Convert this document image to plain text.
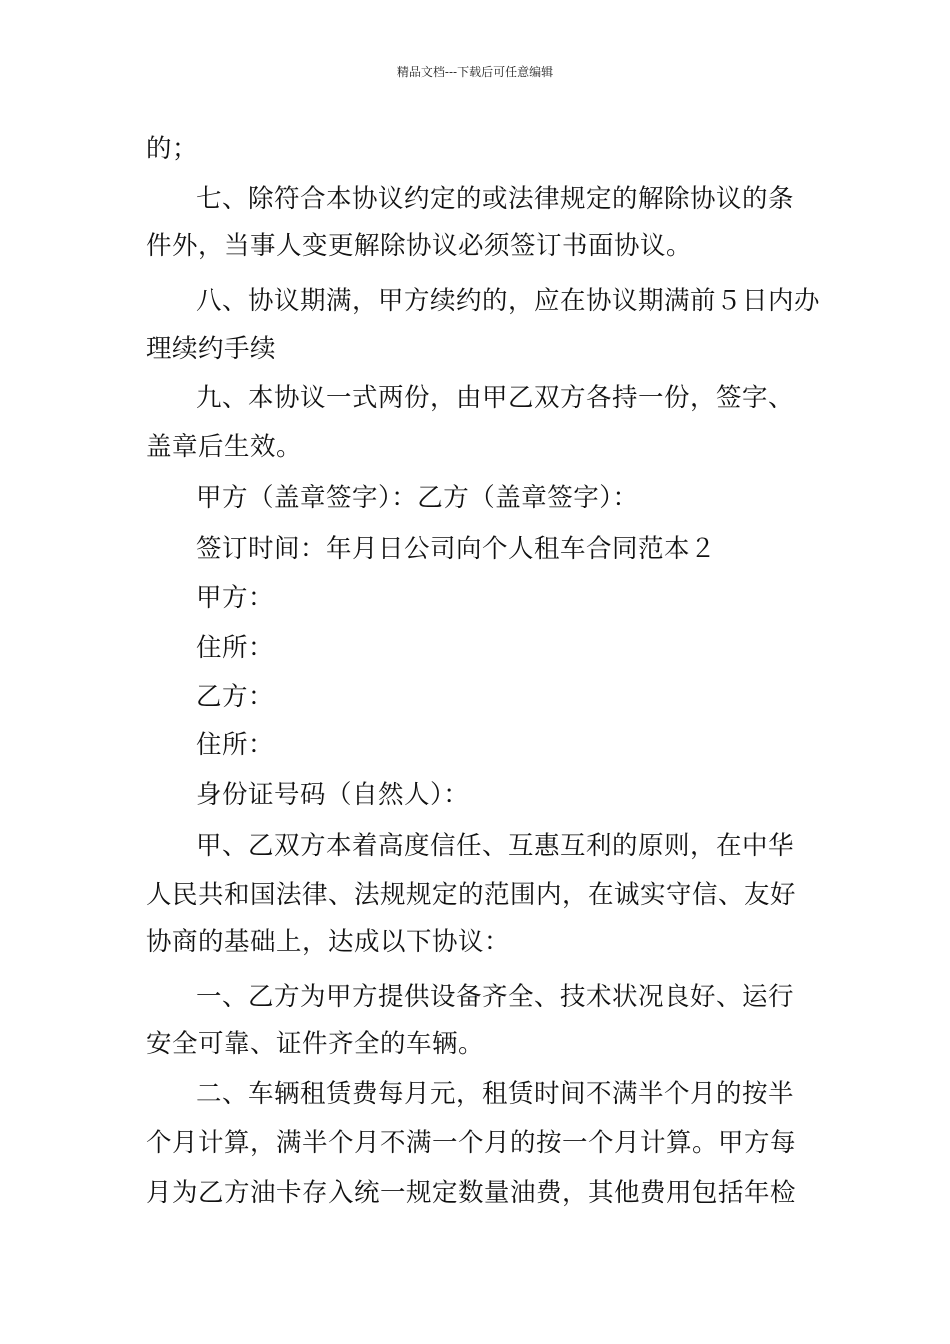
精品文档---下载后可任意编辑
的；
七、除符合本协议约定的或法律规定的解除协议的条
件外，当事人变更解除协议必须签订书面协议。
八、协议期满，甲方续约的，应在协议期满前５日内办
理续约手续
九、本协议一式两份，由甲乙双方各持一份，签字、
盖章后生效。
甲方（盖章签字）：乙方（盖章签字）：
签订时间：年月日公司向个人租车合同范本２
甲方：
住所：
乙方：
住所：
身份证号码（自然人）：
甲、乙双方本着高度信任、互惠互利的原则，在中华
人民共和国法律、法规规定的范围内，在诚实守信、友好
协商的基础上，达成以下协议：
一、乙方为甲方提供设备齐全、技术状况良好、运行
安全可靠、证件齐全的车辆。
二、车辆租赁费每月元，租赁时间不满半个月的按半
个月计算，满半个月不满一个月的按一个月计算。甲方每
月为乙方油卡存入统一规定数量油费，其他费用包括年检
